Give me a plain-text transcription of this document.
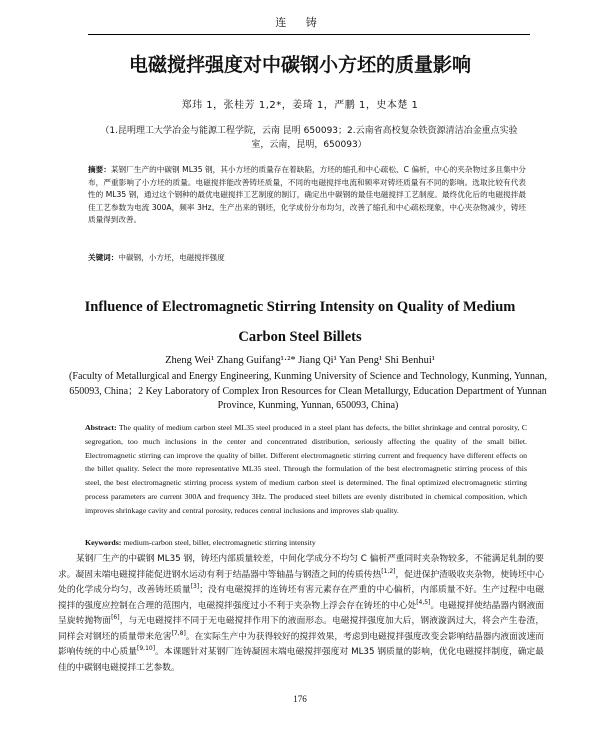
连 铸
电磁搅拌强度对中碳钢小方坯的质量影响
郑玮 1，张桂芳 1,2*，姜琦 1，严鹏 1，史本楚 1
（1.昆明理工大学冶金与能源工程学院，云南 昆明 650093；2.云南省高校复杂铁资源清洁冶金重点实验室，云南，昆明，650093）
摘要：某钢厂生产的中碳钢 ML35 钢，其小方坯的质量存在着缺陷，方坯的缩孔和中心疏松、C 偏析，中心的夹杂物过多且集中分布，严重影响了小方坯的质量。电磁搅拌能改善铸坯质量，不同的电磁搅拌电流和频率对铸坯质量有不同的影响。选取比较有代表性的 ML35 钢，通过这个钢种的最优电磁搅拌工艺制度的制订，确定出中碳钢的最佳电磁搅拌工艺制度。最终优化后的电磁搅拌最佳工艺参数为电流 300A，频率 3Hz。生产出来的钢坯，化学成份分布均匀，改善了缩孔和中心疏松现象，中心夹杂物减少，铸坯质量得到改善。
关键词：中碳钢，小方坯，电磁搅拌强度
Influence of Electromagnetic Stirring Intensity on Quality of Medium Carbon Steel Billets
Zheng Wei¹ Zhang Guifang¹·²* Jiang Qi¹ Yan Peng¹ Shi Benhui¹
(Faculty of Metallurgical and Energy Engineering, Kunming University of Science and Technology, Kunming, Yunnan, 650093, China；2 Key Laboratory of Complex Iron Resources for Clean Metallurgy, Education Department of Yunnan Province, Kunming, Yunnan, 650093, China)
Abstract: The quality of medium carbon steel ML35 steel produced in a steel plant has defects, the billet shrinkage and central porosity, C segregation, too much inclusions in the center and concentrated distribution, seriously affecting the quality of the small billet. Electromagnetic stirring can improve the quality of billet. Different electromagnetic stirring current and frequency have different effects on the billet quality. Select the more representative ML35 steel. Through the formulation of the best electromagnetic stirring process of this steel, the best electromagnetic stirring process system of medium carbon steel is determined. The final optimized electromagnetic stirring process parameters are current 300A and frequency 3Hz. The produced steel billets are evenly distributed in chemical composition, which improves shrinkage cavity and central porosity, reduces central inclusions and improves slab quality.
Keywords: medium-carbon steel, billet, electromagnetic stirring intensity
某钢厂生产的中碳钢 ML35 钢，铸坯内部质量较差，中间化学成分不均匀 C 偏析严重同时夹杂物较多，不能满足轧制的要求。凝固末端电磁搅拌能促进钢水运动有利于结晶器中等轴晶与钢渣之间的传质传热[1,2]，促进保护渣吸收夹杂物，使铸坯中心处的化学成分均匀，改善铸坯质量[3]；没有电磁搅拌的连铸坯有害元素存在严重的中心偏析，内部质量不好。生产过程中电磁搅拌的强度应控制在合理的范围内，电磁搅拌强度过小不利于夹杂物上浮会存在铸坯的中心处[4,5]。电磁搅拌使结晶器内钢液面呈旋转抛物面[6]，与无电磁搅拌不同于无电磁搅拌作用下的液面形态。电磁搅拌强度加大后，钢液漩涡过大，将会产生卷渣，同样会对钢坯的质量带来危害[7,8]。在实际生产中为获得较好的搅拌效果，考虑到电磁搅拌强度改变会影响结晶器内液面波速而影响传统的中心质量[9,10]。本课题针对某钢厂连铸凝固末端电磁搅拌强度对 ML35 钢质量的影响，优化电磁搅拌制度，确定最佳的中碳钢电磁搅拌工艺参数。
176
